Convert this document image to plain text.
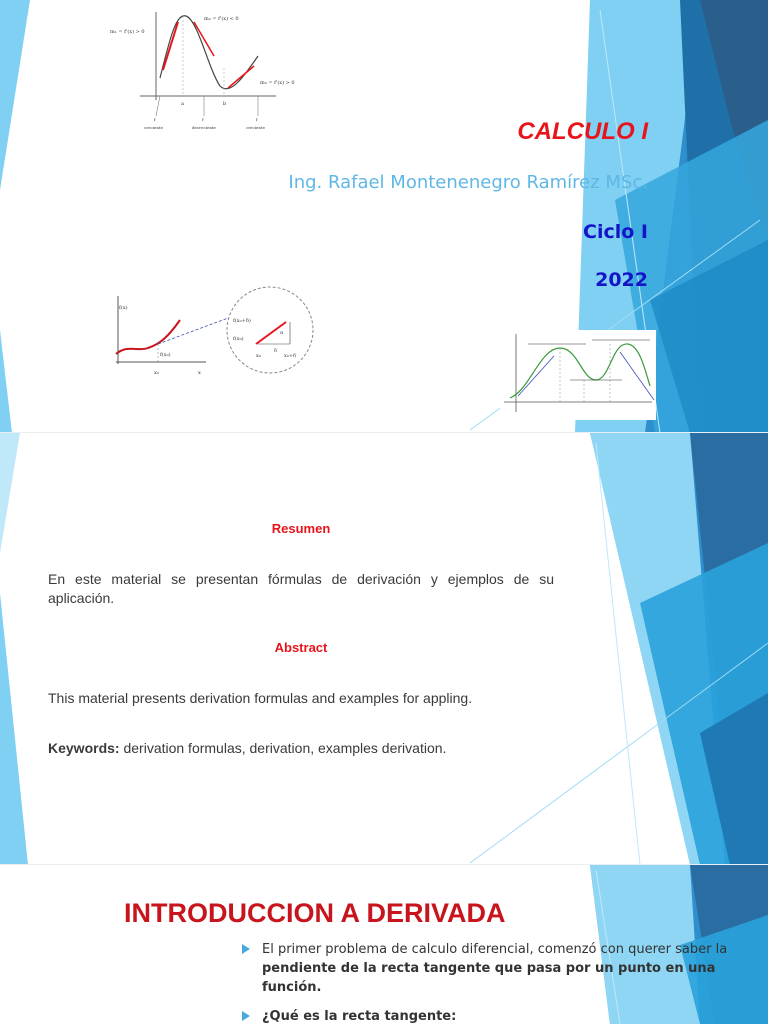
m₁ = f'(x) > 0
m₂ = f'(x) < 0
m₃ = f'(x) > 0
a	b
f	f	f
creciente	decreciente	creciente	CALCULO I
Ing. Rafael Montenenegro Ramírez MSc.
Ciclo I
2022
f(x)
f(x₀)
x₀	x
f(x₀+δ)
f(x₀)
α
δ
x₀	x₀+δ
Resumen
En este material se presentan fórmulas de derivación y ejemplos de su aplicación.
Abstract
This material presents derivation formulas and examples for appling.
Keywords: derivation formulas, derivation, examples derivation.
INTRODUCCION A DERIVADA
El primer problema de calculo diferencial, comenzó con querer saber la pendiente de la recta tangente que pasa por un punto en una función.
¿Qué es la recta tangente:
